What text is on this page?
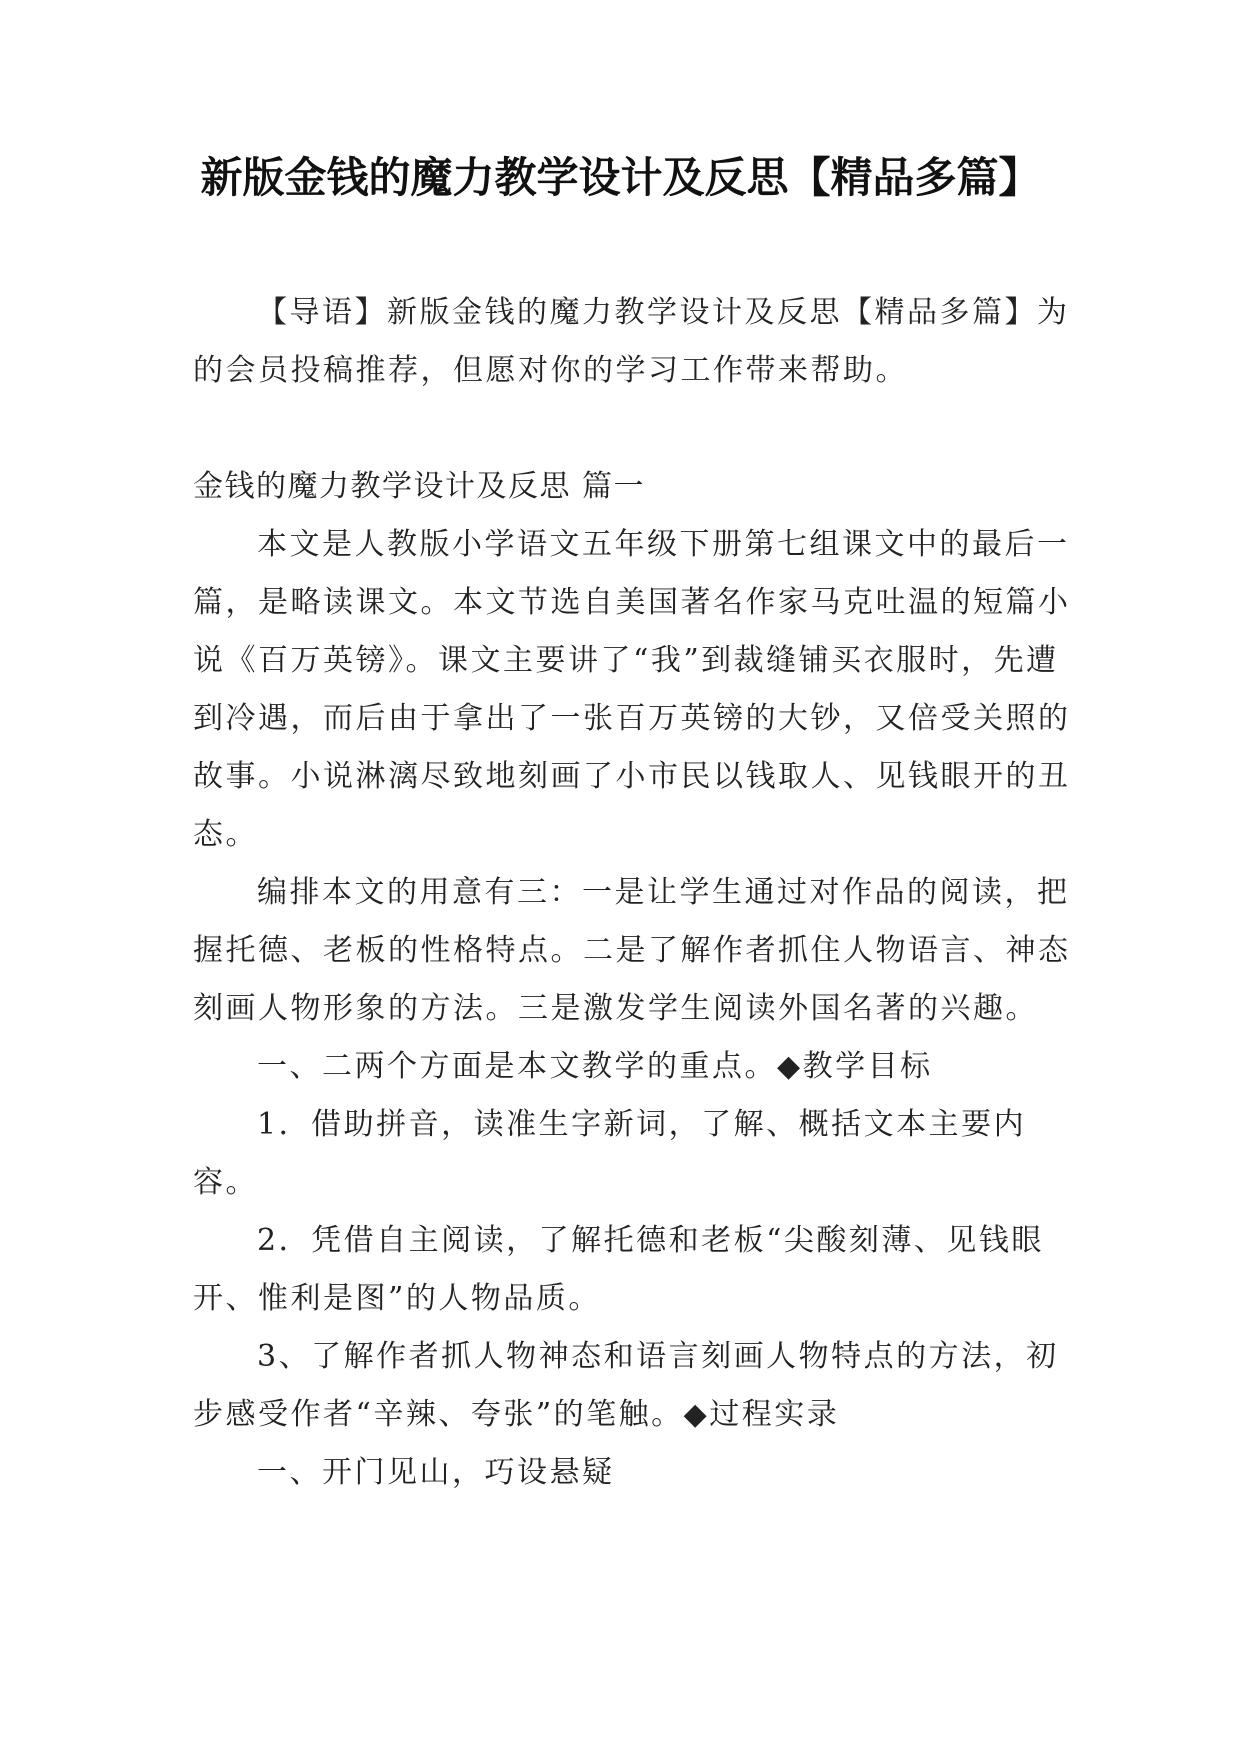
新版金钱的魔力教学设计及反思【精品多篇】

【导语】新版金钱的魔力教学设计及反思【精品多篇】为的会员投稿推荐，但愿对你的学习工作带来帮助。

金钱的魔力教学设计及反思 篇一

本文是人教版小学语文五年级下册第七组课文中的最后一篇，是略读课文。本文节选自美国著名作家马克吐温的短篇小说《百万英镑》。课文主要讲了“我”到裁缝铺买衣服时，先遭到冷遇，而后由于拿出了一张百万英镑的大钞，又倍受关照的故事。小说淋漓尽致地刻画了小市民以钱取人、见钱眼开的丑态。

编排本文的用意有三：一是让学生通过对作品的阅读，把握托德、老板的性格特点。二是了解作者抓住人物语言、神态刻画人物形象的方法。三是激发学生阅读外国名著的兴趣。

一、二两个方面是本文教学的重点。◆教学目标

1．借助拼音，读准生字新词，了解、概括文本主要内容。

2．凭借自主阅读，了解托德和老板“尖酸刻薄、见钱眼开、惟利是图”的人物品质。

3、了解作者抓人物神态和语言刻画人物特点的方法，初步感受作者“辛辣、夸张”的笔触。◆过程实录

一、开门见山，巧设悬疑
